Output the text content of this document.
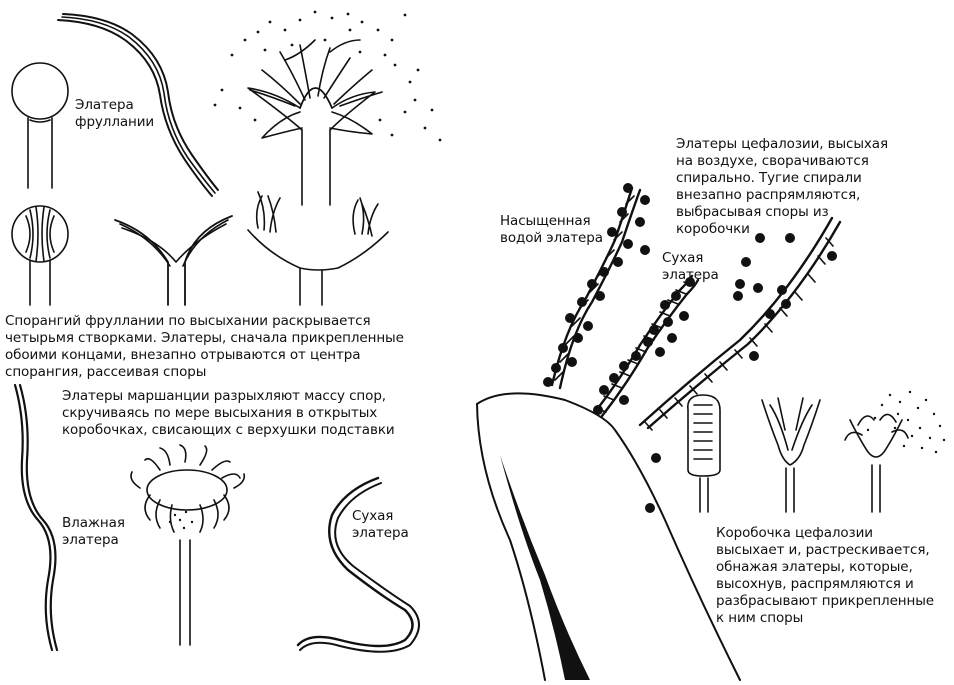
Элатера
фруллании
Спорангий фруллании по высыхании раскрывается
четырьмя створками. Элатеры, сначала прикрепленные
обоими концами, внезапно отрываются от центра
спорангия, рассеивая споры
Элатеры маршанции разрыхляют массу спор,
скручиваясь по мере высыхания в открытых
коробочках, свисающих с верхушки подставки
Влажная
элатера
Сухая
элатера
Элатеры цефалозии, высыхая
на воздухе, сворачиваются
спирально. Тугие спирали
внезапно распрямляются,
выбрасывая споры из
коробочки
Насыщенная
водой элатера
Сухая
элатера
Коробочка цефалозии
высыхает и, растрескивается,
обнажая элатеры, которые,
высохнув, распрямляются и
разбрасывают прикрепленные
к ним споры
